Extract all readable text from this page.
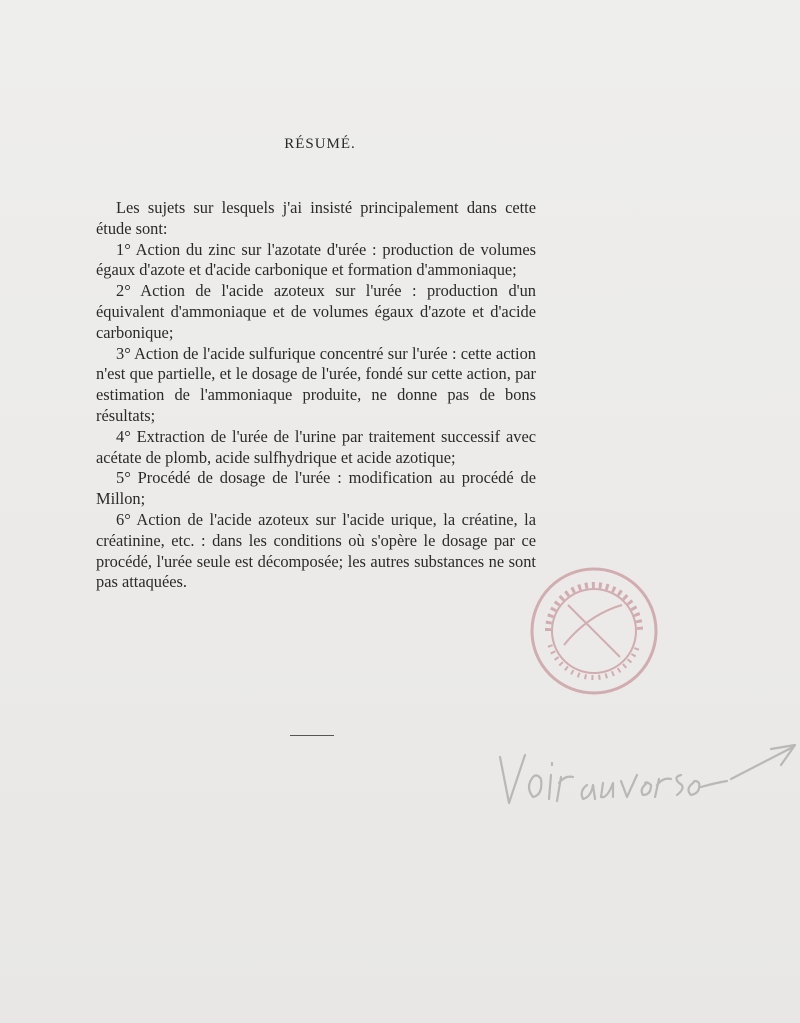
RÉSUMÉ.

Les sujets sur lesquels j'ai insisté principalement dans cette étude sont:

1° Action du zinc sur l'azotate d'urée : production de volumes égaux d'azote et d'acide carbonique et formation d'ammoniaque;

2° Action de l'acide azoteux sur l'urée : production d'un équivalent d'ammoniaque et de volumes égaux d'azote et d'acide carbonique;

3° Action de l'acide sulfurique concentré sur l'urée : cette action n'est que partielle, et le dosage de l'urée, fondé sur cette action, par estimation de l'ammoniaque produite, ne donne pas de bons résultats;

4° Extraction de l'urée de l'urine par traitement successif avec acétate de plomb, acide sulfhydrique et acide azotique;

5° Procédé de dosage de l'urée : modification au procédé de Millon;

6° Action de l'acide azoteux sur l'acide urique, la créatine, la créatinine, etc. : dans les conditions où s'opère le dosage par ce procédé, l'urée seule est décomposée; les autres substances ne sont pas attaquées.
